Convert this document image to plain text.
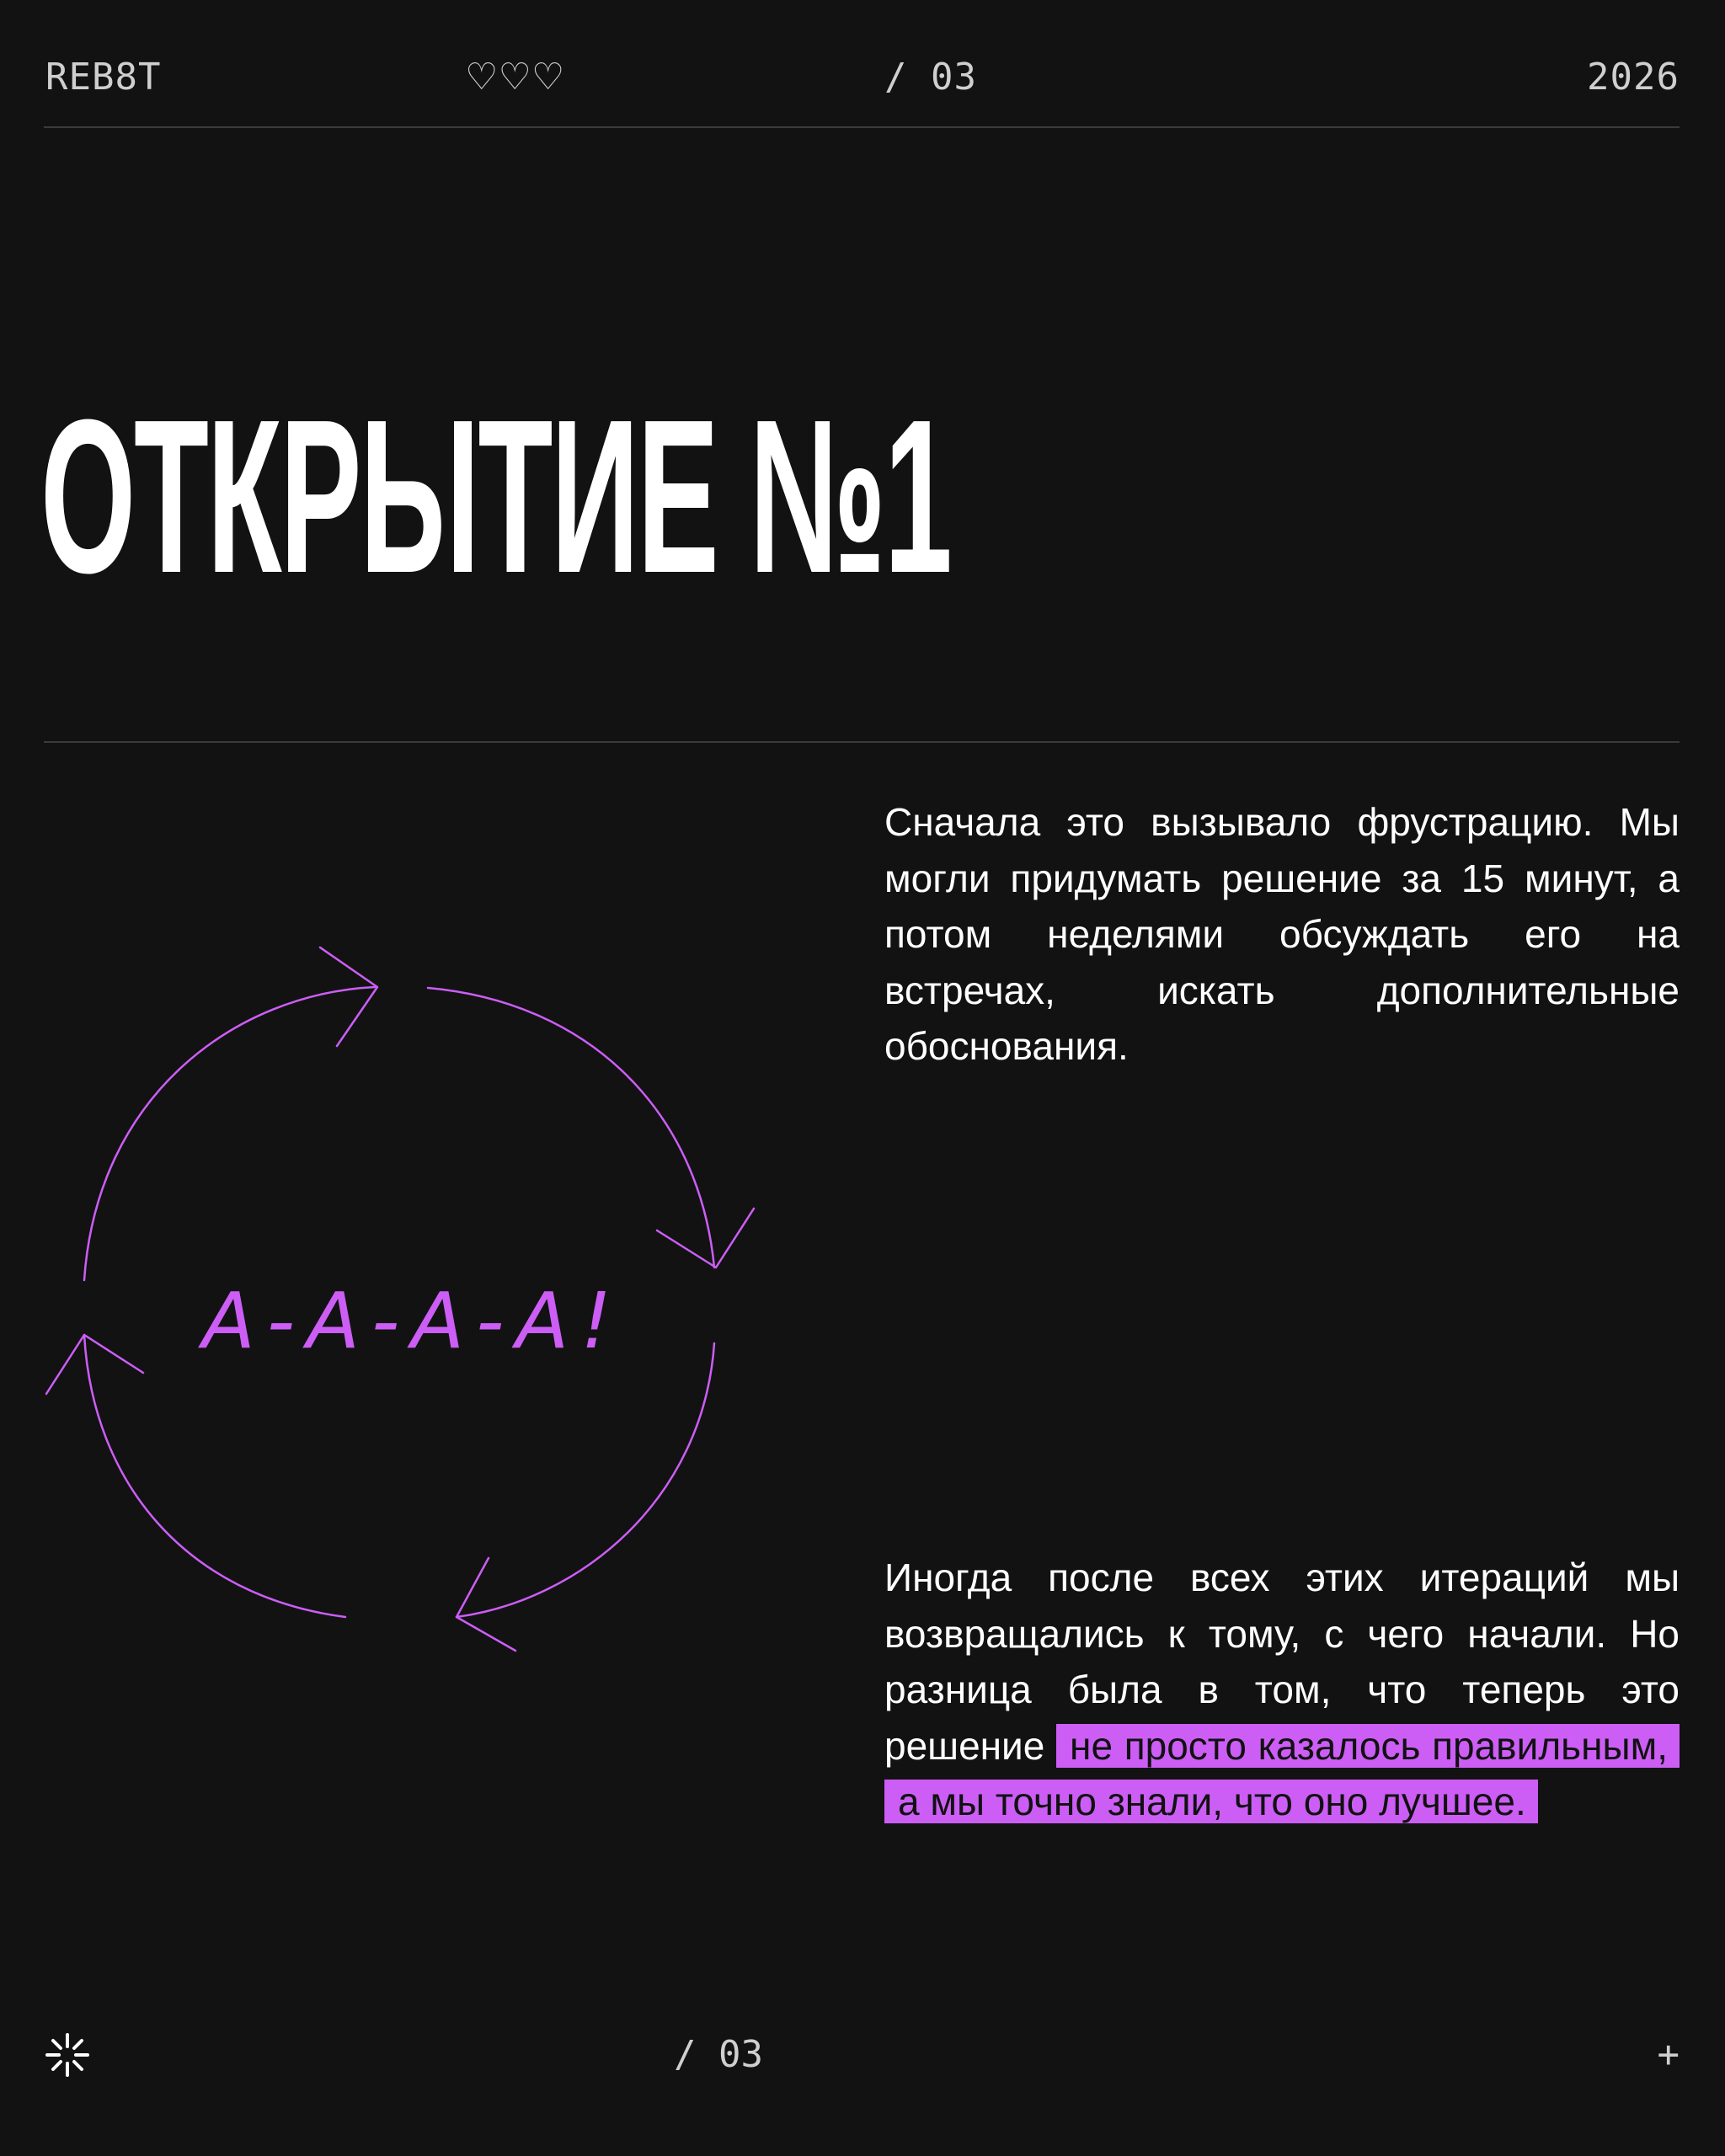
REB8T	♡♡♡	/ 03	2026
ОТКРЫТИЕ №1
A-A-A-A!

Сначала это вызывало фрустрацию. Мы могли придумать решение за 15 минут, а потом неделями обсуждать его на встречах, искать дополнительные обоснования.

Иногда после всех этих итераций мы возвращались к тому, с чего начали. Но разница была в том, что теперь это решение не просто казалось правильным, а мы точно знали, что оно лучшее.

/ 03	+
